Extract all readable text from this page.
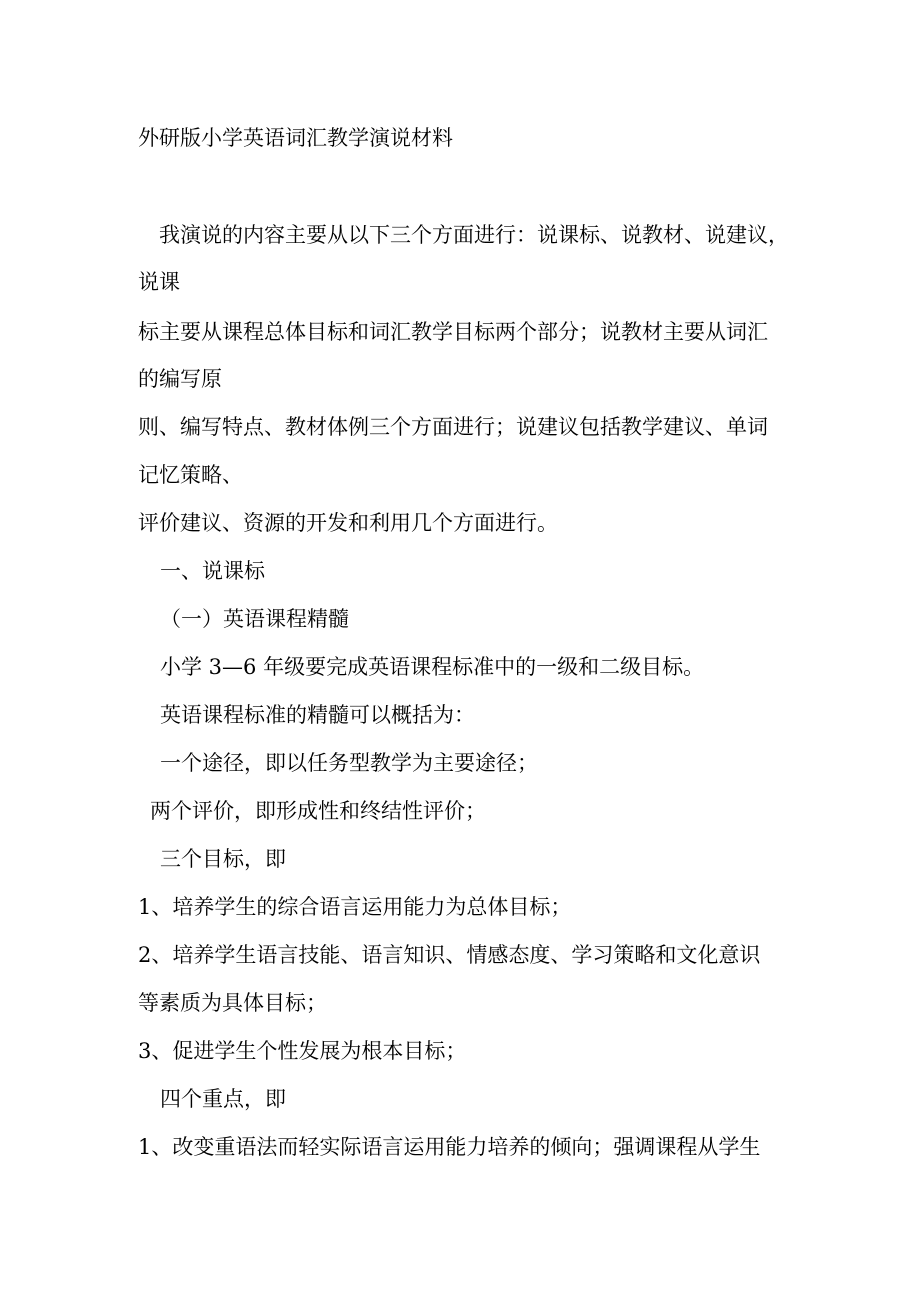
外研版小学英语词汇教学演说材料
我演说的内容主要从以下三个方面进行：说课标、说教材、说建议，
说课
标主要从课程总体目标和词汇教学目标两个部分；说教材主要从词汇
的编写原
则、编写特点、教材体例三个方面进行；说建议包括教学建议、单词
记忆策略、
评价建议、资源的开发和利用几个方面进行。
一、说课标
（一）英语课程精髓
小学 3—6 年级要完成英语课程标准中的一级和二级目标。
英语课程标准的精髓可以概括为：
一个途径，即以任务型教学为主要途径；
两个评价，即形成性和终结性评价；
三个目标，即
1、培养学生的综合语言运用能力为总体目标；
2、培养学生语言技能、语言知识、情感态度、学习策略和文化意识
等素质为具体目标；
3、促进学生个性发展为根本目标；
四个重点，即
1、改变重语法而轻实际语言运用能力培养的倾向；强调课程从学生
